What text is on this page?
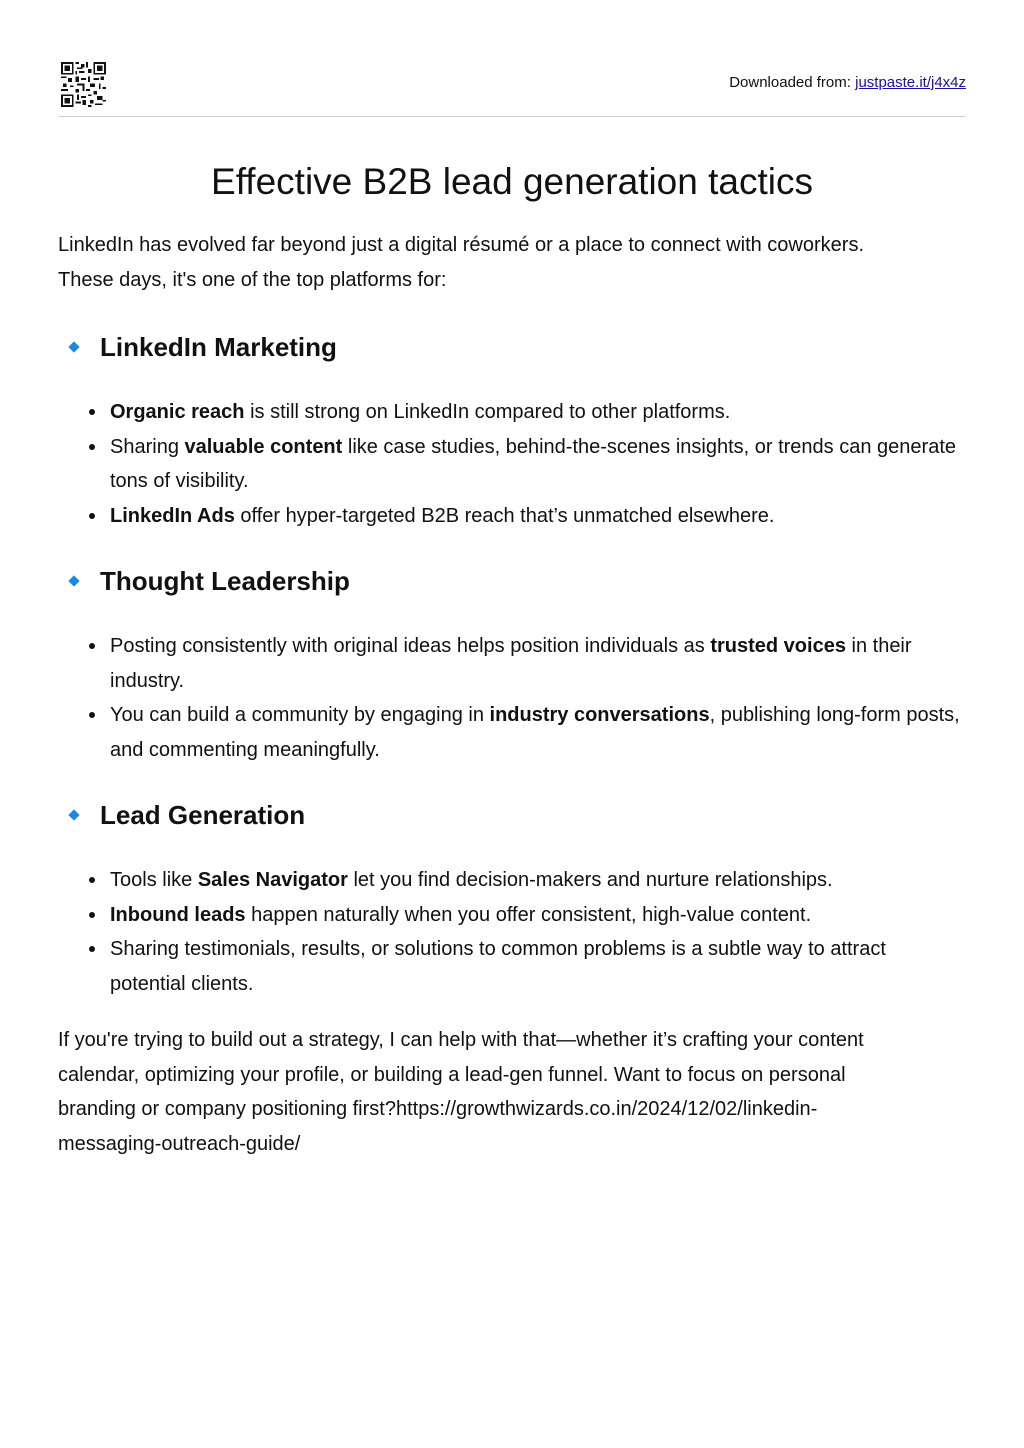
Downloaded from: justpaste.it/j4x4z
Effective B2B lead generation tactics

LinkedIn has evolved far beyond just a digital résumé or a place to connect with coworkers.
These days, it's one of the top platforms for:

LinkedIn Marketing
Organic reach is still strong on LinkedIn compared to other platforms.
Sharing valuable content like case studies, behind-the-scenes insights, or trends can generate tons of visibility.
LinkedIn Ads offer hyper-targeted B2B reach that’s unmatched elsewhere.
Thought Leadership
Posting consistently with original ideas helps position individuals as trusted voices in their industry.
You can build a community by engaging in industry conversations, publishing long-form posts, and commenting meaningfully.
Lead Generation
Tools like Sales Navigator let you find decision-makers and nurture relationships.
Inbound leads happen naturally when you offer consistent, high-value content.
Sharing testimonials, results, or solutions to common problems is a subtle way to attract potential clients.

If you're trying to build out a strategy, I can help with that—whether it’s crafting your content
calendar, optimizing your profile, or building a lead-gen funnel. Want to focus on personal
branding or company positioning first?https://growthwizards.co.in/2024/12/02/linkedin-
messaging-outreach-guide/
